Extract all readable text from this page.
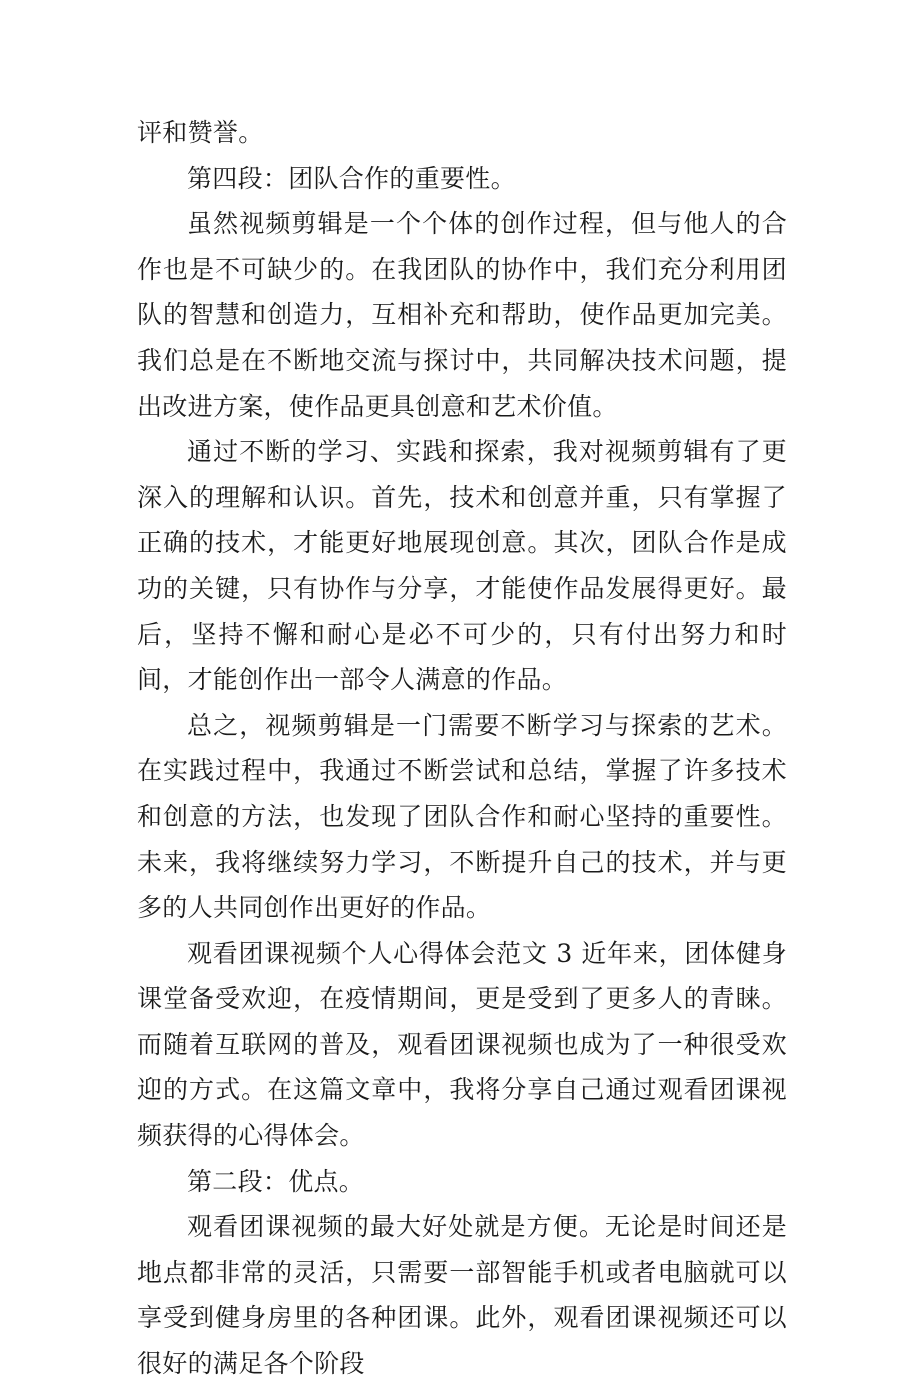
评和赞誉。

第四段：团队合作的重要性。

虽然视频剪辑是一个个体的创作过程，但与他人的合作也是不可缺少的。在我团队的协作中，我们充分利用团队的智慧和创造力，互相补充和帮助，使作品更加完美。我们总是在不断地交流与探讨中，共同解决技术问题，提出改进方案，使作品更具创意和艺术价值。

通过不断的学习、实践和探索，我对视频剪辑有了更深入的理解和认识。首先，技术和创意并重，只有掌握了正确的技术，才能更好地展现创意。其次，团队合作是成功的关键，只有协作与分享，才能使作品发展得更好。最后，坚持不懈和耐心是必不可少的，只有付出努力和时间，才能创作出一部令人满意的作品。

总之，视频剪辑是一门需要不断学习与探索的艺术。在实践过程中，我通过不断尝试和总结，掌握了许多技术和创意的方法，也发现了团队合作和耐心坚持的重要性。未来，我将继续努力学习，不断提升自己的技术，并与更多的人共同创作出更好的作品。

观看团课视频个人心得体会范文 3 近年来，团体健身课堂备受欢迎，在疫情期间，更是受到了更多人的青睐。而随着互联网的普及，观看团课视频也成为了一种很受欢迎的方式。在这篇文章中，我将分享自己通过观看团课视频获得的心得体会。

第二段：优点。

观看团课视频的最大好处就是方便。无论是时间还是地点都非常的灵活，只需要一部智能手机或者电脑就可以享受到健身房里的各种团课。此外，观看团课视频还可以很好的满足各个阶段
